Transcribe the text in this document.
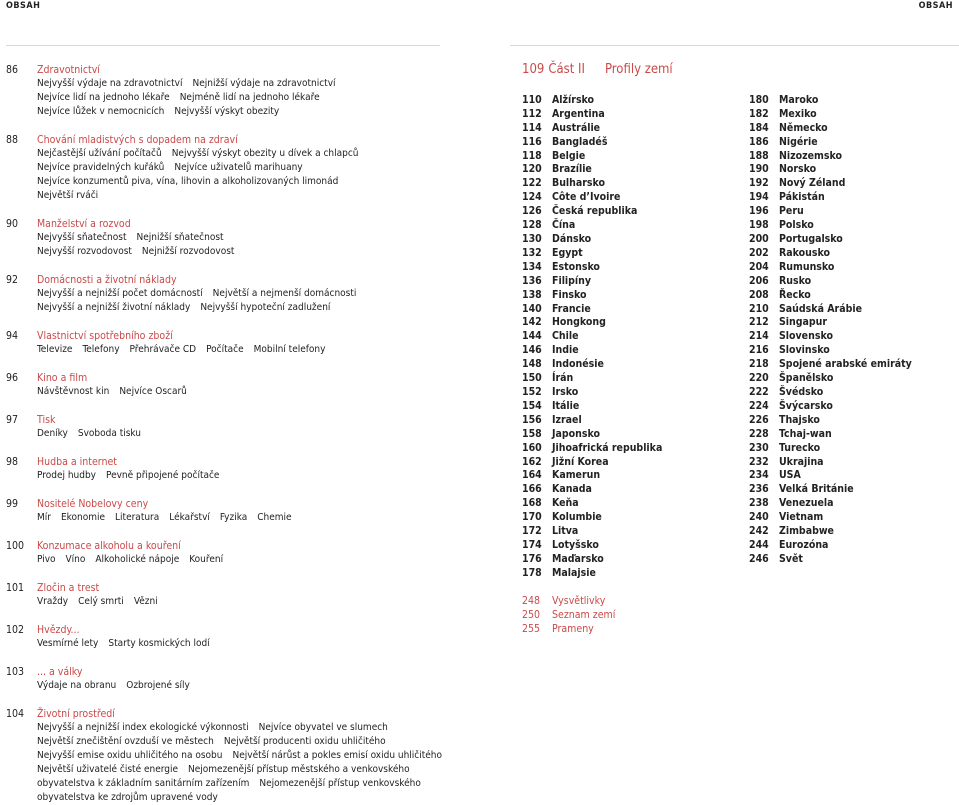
OBSAH	OBSAH
86	Zdravotnictví
Nejvyšší výdaje na zdravotnictví Nejnižší výdaje na zdravotnictví
Nejvíce lidí na jednoho lékaře Nejméně lidí na jednoho lékaře
Nejvíce lůžek v nemocnicích Nejvyšší výskyt obezity
88	Chování mladistvých s dopadem na zdraví
Nejčastější užívání počítačů Nejvyšší výskyt obezity u dívek a chlapců
Nejvíce pravidelných kuřáků Nejvíce uživatelů marihuany
Nejvíce konzumentů piva, vína, lihovin a alkoholizovaných limonád
Největší rváči
90	Manželství a rozvod
Nejvyšší sňatečnost Nejnižší sňatečnost
Nejvyšší rozvodovost Nejnižší rozvodovost
92	Domácnosti a životní náklady
Nejvyšší a nejnižší počet domácností Největší a nejmenší domácnosti
Nejvyšší a nejnižší životní náklady Nejvyšší hypoteční zadlužení
94	Vlastnictví spotřebního zboží
Televize Telefony Přehrávače CD Počítače Mobilní telefony
96	Kino a film
Návštěvnost kin Nejvíce Oscarů
97	Tisk
Deníky Svoboda tisku
98	Hudba a internet
Prodej hudby Pevně připojené počítače
99	Nositelé Nobelovy ceny
Mír Ekonomie Literatura Lékařství Fyzika Chemie
100	Konzumace alkoholu a kouření
Pivo Víno Alkoholické nápoje Kouření
101	Zločin a trest
Vraždy Celý smrti Vězni
102	Hvězdy...
Vesmírné lety Starty kosmických lodí
103	... a války
Výdaje na obranu Ozbrojené síly
104	Životní prostředí
Nejvyšší a nejnižší index ekologické výkonnosti Nejvíce obyvatel ve slumech
Největší znečištění ovzduší ve městech Největší producenti oxidu uhličitého
Nejvyšší emise oxidu uhličitého na osobu Největší nárůst a pokles emisí oxidu uhličitého
Největší uživatelé čisté energie Nejomezenější přístup městského a venkovského
obyvatelstva k základním sanitárním zařízením Nejomezenější přístup venkovského
obyvatelstva ke zdrojům upravené vody
109 Část II Profily zemí
110 Alžírsko
112 Argentina
114 Austrálie
116 Bangladéš
118 Belgie
120 Brazílie
122 Bulharsko
124 Côte d’Ivoire
126 Česká republika
128 Čína
130 Dánsko
132 Egypt
134 Estonsko
136 Filipíny
138 Finsko
140 Francie
142 Hongkong
144 Chile
146 Indie
148 Indonésie
150 Írán
152 Irsko
154 Itálie
156 Izrael
158 Japonsko
160 Jihoafrická republika
162 Jižní Korea
164 Kamerun
166 Kanada
168 Keňa
170 Kolumbie
172 Litva
174 Lotyšsko
176 Maďarsko
178 Malajsie
180 Maroko
182 Mexiko
184 Německo
186 Nigérie
188 Nizozemsko
190 Norsko
192 Nový Zéland
194 Pákistán
196 Peru
198 Polsko
200 Portugalsko
202 Rakousko
204 Rumunsko
206 Rusko
208 Řecko
210 Saúdská Arábie
212 Singapur
214 Slovensko
216 Slovinsko
218 Spojené arabské emiráty
220 Španělsko
222 Švédsko
224 Švýcarsko
226 Thajsko
228 Tchaj-wan
230 Turecko
232 Ukrajina
234 USA
236 Velká Británie
238 Venezuela
240 Vietnam
242 Zimbabwe
244 Eurozóna
246 Svět
248	Vysvětlivky
250	Seznam zemí
255	Prameny
